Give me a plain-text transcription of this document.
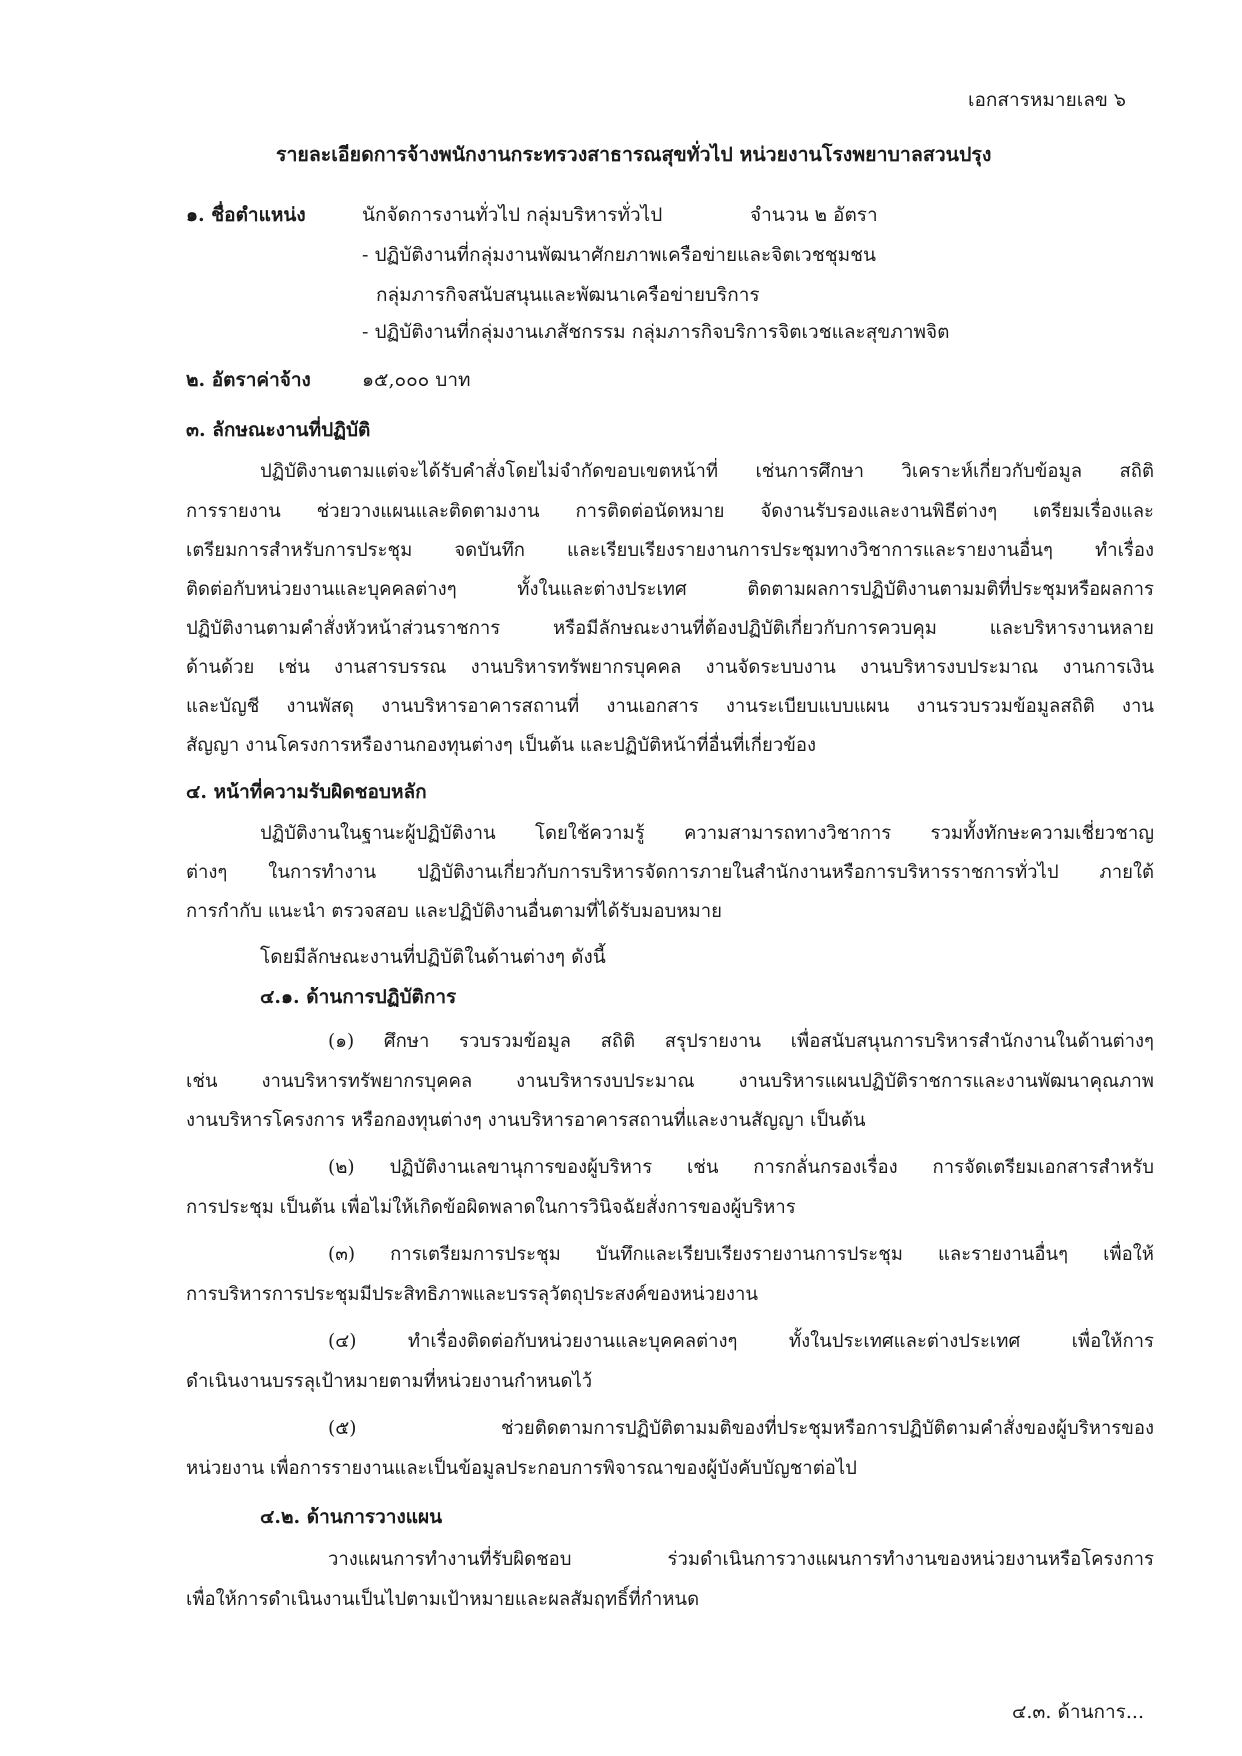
เอกสารหมายเลข ๖
รายละเอียดการจ้างพนักงานกระทรวงสาธารณสุขทั่วไป หน่วยงานโรงพยาบาลสวนปรุง
๑. ชื่อตำแหน่ง	นักจัดการงานทั่วไป กลุ่มบริหารทั่วไป	จำนวน ๒ อัตรา
- ปฏิบัติงานที่กลุ่มงานพัฒนาศักยภาพเครือข่ายและจิตเวชชุมชน
กลุ่มภารกิจสนับสนุนและพัฒนาเครือข่ายบริการ
- ปฏิบัติงานที่กลุ่มงานเภสัชกรรม กลุ่มภารกิจบริการจิตเวชและสุขภาพจิต
๒. อัตราค่าจ้าง	๑๕,๐๐๐ บาท
๓. ลักษณะงานที่ปฏิบัติ
ปฏิบัติงานตามแต่จะได้รับคำสั่งโดยไม่จำกัดขอบเขตหน้าที่ เช่นการศึกษา วิเคราะห์เกี่ยวกับข้อมูล สถิติ
การรายงาน ช่วยวางแผนและติดตามงาน การติดต่อนัดหมาย จัดงานรับรองและงานพิธีต่างๆ เตรียมเรื่องและ
เตรียมการสำหรับการประชุม จดบันทึก และเรียบเรียงรายงานการประชุมทางวิชาการและรายงานอื่นๆ ทำเรื่อง
ติดต่อกับหน่วยงานและบุคคลต่างๆ ทั้งในและต่างประเทศ ติดตามผลการปฏิบัติงานตามมติที่ประชุมหรือผลการ
ปฏิบัติงานตามคำสั่งหัวหน้าส่วนราชการ หรือมีลักษณะงานที่ต้องปฏิบัติเกี่ยวกับการควบคุม และบริหารงานหลาย
ด้านด้วย เช่น งานสารบรรณ งานบริหารทรัพยากรบุคคล งานจัดระบบงาน งานบริหารงบประมาณ งานการเงิน
และบัญชี งานพัสดุ งานบริหารอาคารสถานที่ งานเอกสาร งานระเบียบแบบแผน งานรวบรวมข้อมูลสถิติ งาน
สัญญา งานโครงการหรืองานกองทุนต่างๆ เป็นต้น และปฏิบัติหน้าที่อื่นที่เกี่ยวข้อง
๔. หน้าที่ความรับผิดชอบหลัก
ปฏิบัติงานในฐานะผู้ปฏิบัติงาน โดยใช้ความรู้ ความสามารถทางวิชาการ รวมทั้งทักษะความเชี่ยวชาญ
ต่างๆ ในการทำงาน ปฏิบัติงานเกี่ยวกับการบริหารจัดการภายในสำนักงานหรือการบริหารราชการทั่วไป ภายใต้
การกำกับ แนะนำ ตรวจสอบ และปฏิบัติงานอื่นตามที่ได้รับมอบหมาย
โดยมีลักษณะงานที่ปฏิบัติในด้านต่างๆ ดังนี้
๔.๑. ด้านการปฏิบัติการ
(๑) ศึกษา รวบรวมข้อมูล สถิติ สรุปรายงาน เพื่อสนับสนุนการบริหารสำนักงานในด้านต่างๆ
เช่น งานบริหารทรัพยากรบุคคล งานบริหารงบประมาณ งานบริหารแผนปฏิบัติราชการและงานพัฒนาคุณภาพ
งานบริหารโครงการ หรือกองทุนต่างๆ งานบริหารอาคารสถานที่และงานสัญญา เป็นต้น
(๒) ปฏิบัติงานเลขานุการของผู้บริหาร เช่น การกลั่นกรองเรื่อง การจัดเตรียมเอกสารสำหรับ
การประชุม เป็นต้น เพื่อไม่ให้เกิดข้อผิดพลาดในการวินิจฉัยสั่งการของผู้บริหาร
(๓) การเตรียมการประชุม บันทึกและเรียบเรียงรายงานการประชุม และรายงานอื่นๆ เพื่อให้
การบริหารการประชุมมีประสิทธิภาพและบรรลุวัตถุประสงค์ของหน่วยงาน
(๔) ทำเรื่องติดต่อกับหน่วยงานและบุคคลต่างๆ ทั้งในประเทศและต่างประเทศ เพื่อให้การ
ดำเนินงานบรรลุเป้าหมายตามที่หน่วยงานกำหนดไว้
(๕) ช่วยติดตามการปฏิบัติตามมติของที่ประชุมหรือการปฏิบัติตามคำสั่งของผู้บริหารของ
หน่วยงาน เพื่อการรายงานและเป็นข้อมูลประกอบการพิจารณาของผู้บังคับบัญชาต่อไป
๔.๒. ด้านการวางแผน
วางแผนการทำงานที่รับผิดชอบ ร่วมดำเนินการวางแผนการทำงานของหน่วยงานหรือโครงการ
เพื่อให้การดำเนินงานเป็นไปตามเป้าหมายและผลสัมฤทธิ์ที่กำหนด
๔.๓. ด้านการ...
